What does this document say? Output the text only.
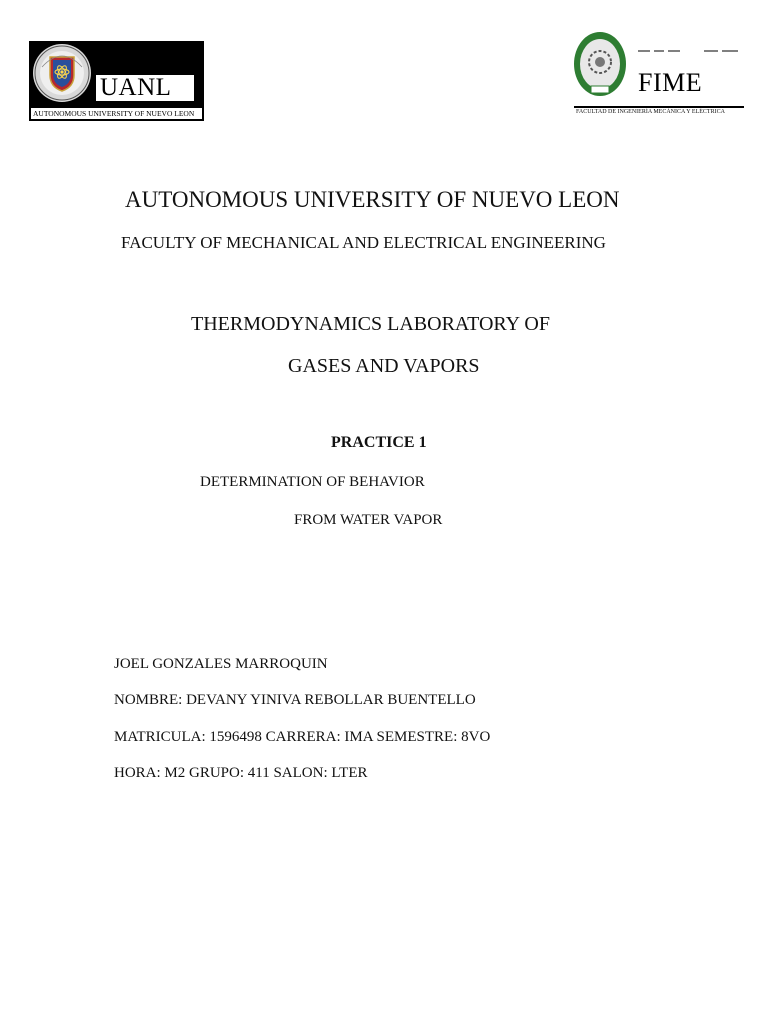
UANL
AUTONOMOUS UNIVERSITY OF NUEVO LEON
FIME
FACULTAD DE INGENIERÍA MECÁNICA Y ELÉCTRICA
AUTONOMOUS UNIVERSITY OF NUEVO LEON
FACULTY OF MECHANICAL AND ELECTRICAL ENGINEERING
THERMODYNAMICS LABORATORY OF
GASES AND VAPORS
PRACTICE 1
DETERMINATION OF BEHAVIOR
FROM WATER VAPOR
JOEL GONZALES MARROQUIN
NOMBRE: DEVANY YINIVA REBOLLAR BUENTELLO
MATRICULA: 1596498 CARRERA: IMA SEMESTRE: 8VO
HORA: M2 GRUPO: 411 SALON: LTER
